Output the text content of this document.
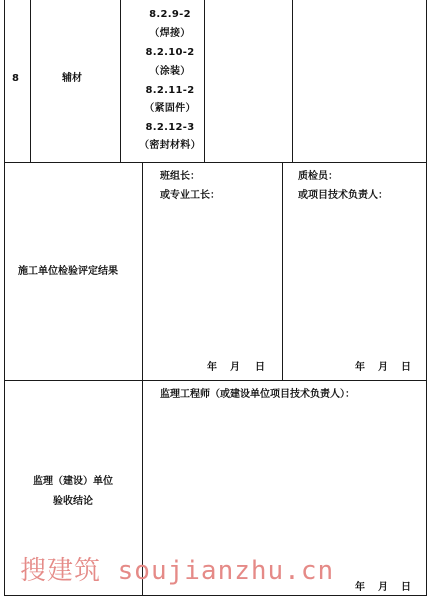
8	辅材
8.2.9-2
（焊接）
8.2.10-2
（涂装）
8.2.11-2
（紧固件）
8.2.12-3
（密封材料）
施工单位检验评定结果
班组长：
或专业工长：
质检员：
或项目技术负责人：
年 月 日	年 月 日
监理（建设）单位
验收结论
监理工程师（或建设单位项目技术负责人）：
年 月 日
搜建筑 soujianzhu.cn
